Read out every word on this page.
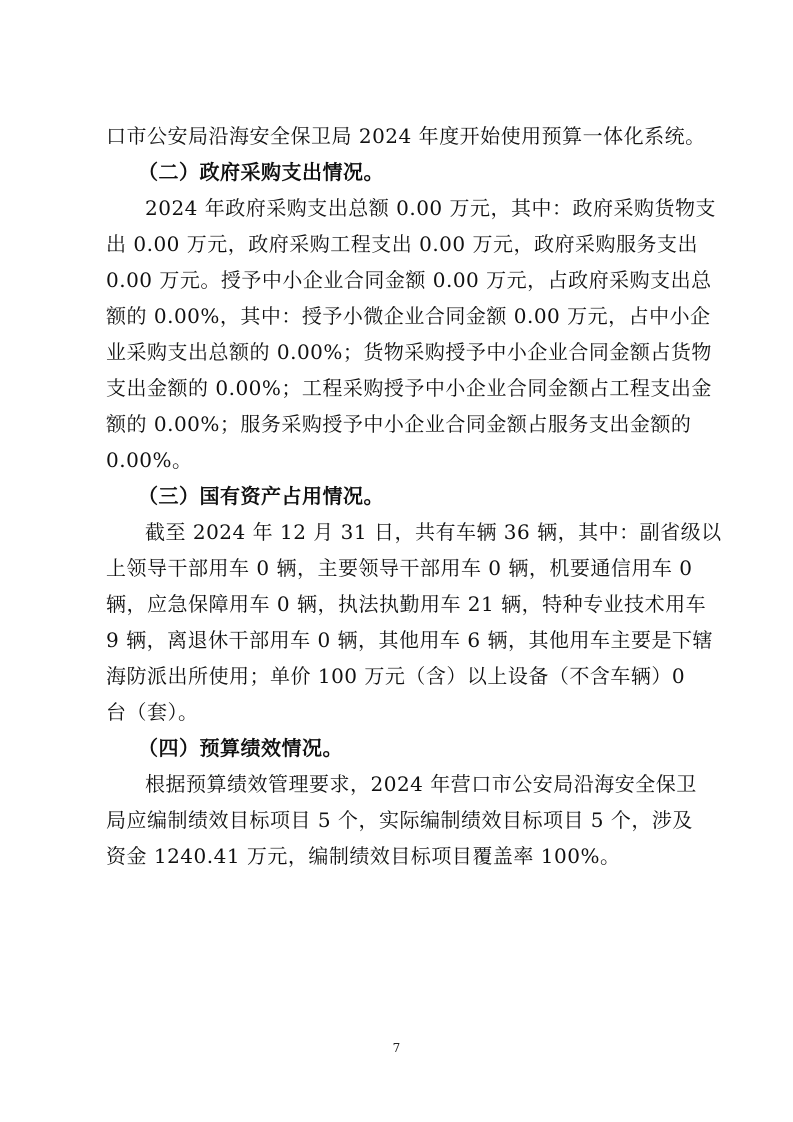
口市公安局沿海安全保卫局 2024 年度开始使用预算一体化系统。
（二）政府采购支出情况。
2024 年政府采购支出总额 0.00 万元，其中：政府采购货物支
出 0.00 万元，政府采购工程支出 0.00 万元，政府采购服务支出
0.00 万元。授予中小企业合同金额 0.00 万元，占政府采购支出总
额的 0.00%，其中：授予小微企业合同金额 0.00 万元，占中小企
业采购支出总额的 0.00%；货物采购授予中小企业合同金额占货物
支出金额的 0.00%；工程采购授予中小企业合同金额占工程支出金
额的 0.00%；服务采购授予中小企业合同金额占服务支出金额的
0.00%。
（三）国有资产占用情况。
截至 2024 年 12 月 31 日，共有车辆 36 辆，其中：副省级以
上领导干部用车 0 辆，主要领导干部用车 0 辆，机要通信用车 0
辆，应急保障用车 0 辆，执法执勤用车 21 辆，特种专业技术用车
9 辆，离退休干部用车 0 辆，其他用车 6 辆，其他用车主要是下辖
海防派出所使用；单价 100 万元（含）以上设备（不含车辆）0
台（套）。
（四）预算绩效情况。
根据预算绩效管理要求，2024 年营口市公安局沿海安全保卫
局应编制绩效目标项目 5 个，实际编制绩效目标项目 5 个，涉及
资金 1240.41 万元，编制绩效目标项目覆盖率 100%。
7
